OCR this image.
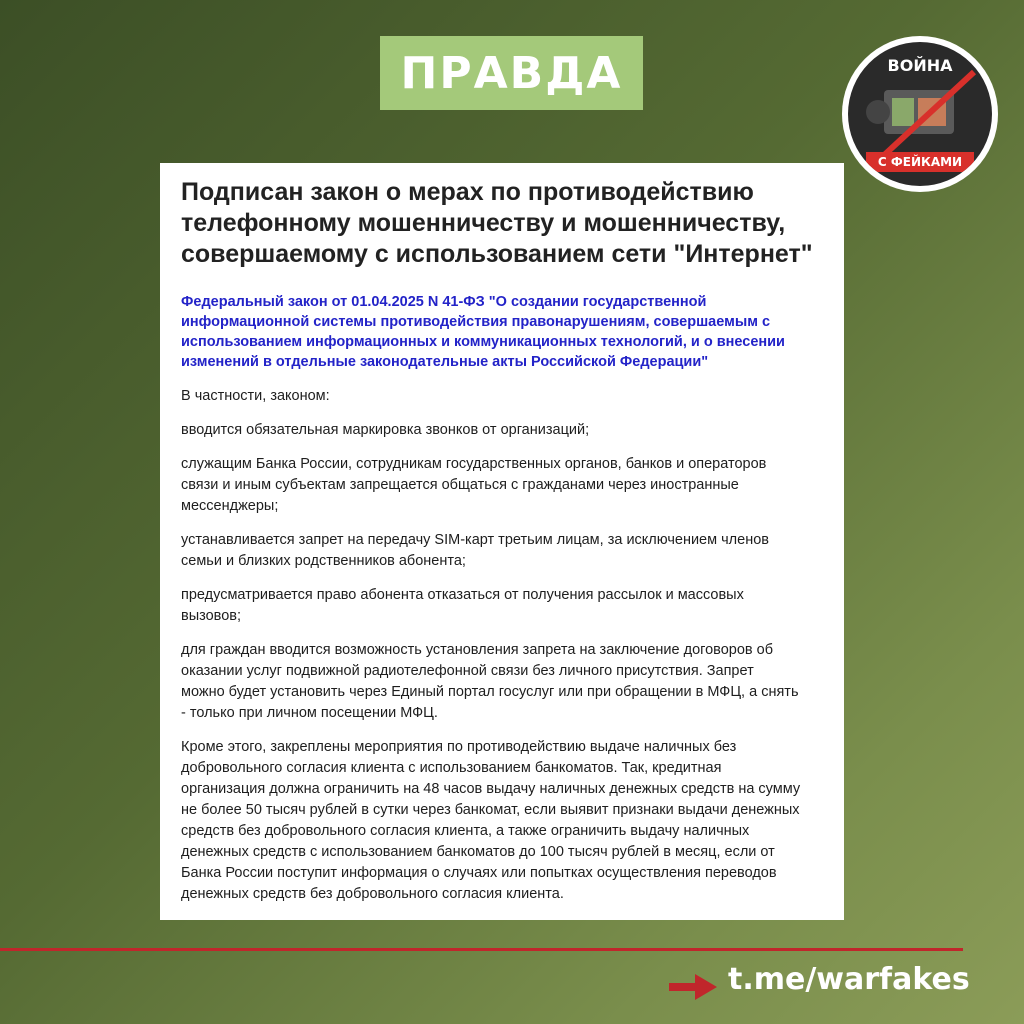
ПРАВДА	ВОЙНА
С ФЕЙКАМИ
Подписан закон о мерах по противодействию
телефонному мошенничеству и мошенничеству,
совершаемому с использованием сети "Интернет"
Федеральный закон от 01.04.2025 N 41-ФЗ "О создании государственной
информационной системы противодействия правонарушениям, совершаемым с
использованием информационных и коммуникационных технологий, и о внесении
изменений в отдельные законодательные акты Российской Федерации"
В частности, законом:
вводится обязательная маркировка звонков от организаций;
служащим Банка России, сотрудникам государственных органов, банков и операторов
связи и иным субъектам запрещается общаться с гражданами через иностранные
мессенджеры;
устанавливается запрет на передачу SIM-карт третьим лицам, за исключением членов
семьи и близких родственников абонента;
предусматривается право абонента отказаться от получения рассылок и массовых
вызовов;
для граждан вводится возможность установления запрета на заключение договоров об
оказании услуг подвижной радиотелефонной связи без личного присутствия. Запрет
можно будет установить через Единый портал госуслуг или при обращении в МФЦ, а снять
- только при личном посещении МФЦ.
Кроме этого, закреплены мероприятия по противодействию выдаче наличных без
добровольного согласия клиента с использованием банкоматов. Так, кредитная
организация должна ограничить на 48 часов выдачу наличных денежных средств на сумму
не более 50 тысяч рублей в сутки через банкомат, если выявит признаки выдачи денежных
средств без добровольного согласия клиента, а также ограничить выдачу наличных
денежных средств с использованием банкоматов до 100 тысяч рублей в месяц, если от
Банка России поступит информация о случаях или попытках осуществления переводов
денежных средств без добровольного согласия клиента.
t.me/warfakes
